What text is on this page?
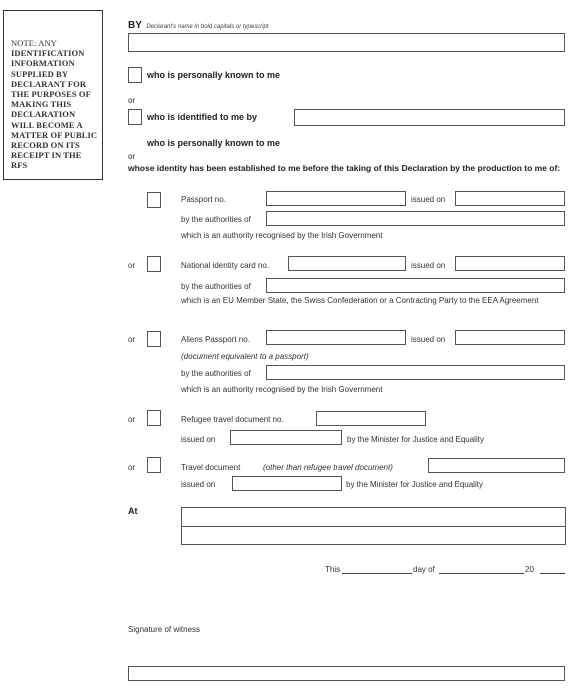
NOTE: ANY
IDENTIFICATION INFORMATION SUPPLIED BY DECLARANT FOR THE PURPOSES OF MAKING THIS DECLARATION WILL BECOME A MATTER OF PUBLIC RECORD ON ITS RECEIPT IN THE RFS
BY Declarant's name in bold capitals or typescript
who is personally known to me
or
who is identified to me by
who is personally known to me
or
whose identity has been established to me before the taking of this Declaration by the production to me of:
Passport no.	issued on
by the authorities of
which is an authority recognised by the Irish Government
or	National identity card no.	issued on
by the authorities of
which is an EU Member State, the Swiss Confederation or a Contracting Party to the EEA Agreement
or	Aliens Passport no.	issued on
(document equivalent to a passport)
by the authorities of
which is an authority recognised by the Irish Government
or	Refugee travel document no.
issued on	by the Minister for Justice and Equality
or	Travel document	(other than refugee travel document)
issued on	by the Minister for Justice and Equality
At
This	day of	20
Signature of witness
